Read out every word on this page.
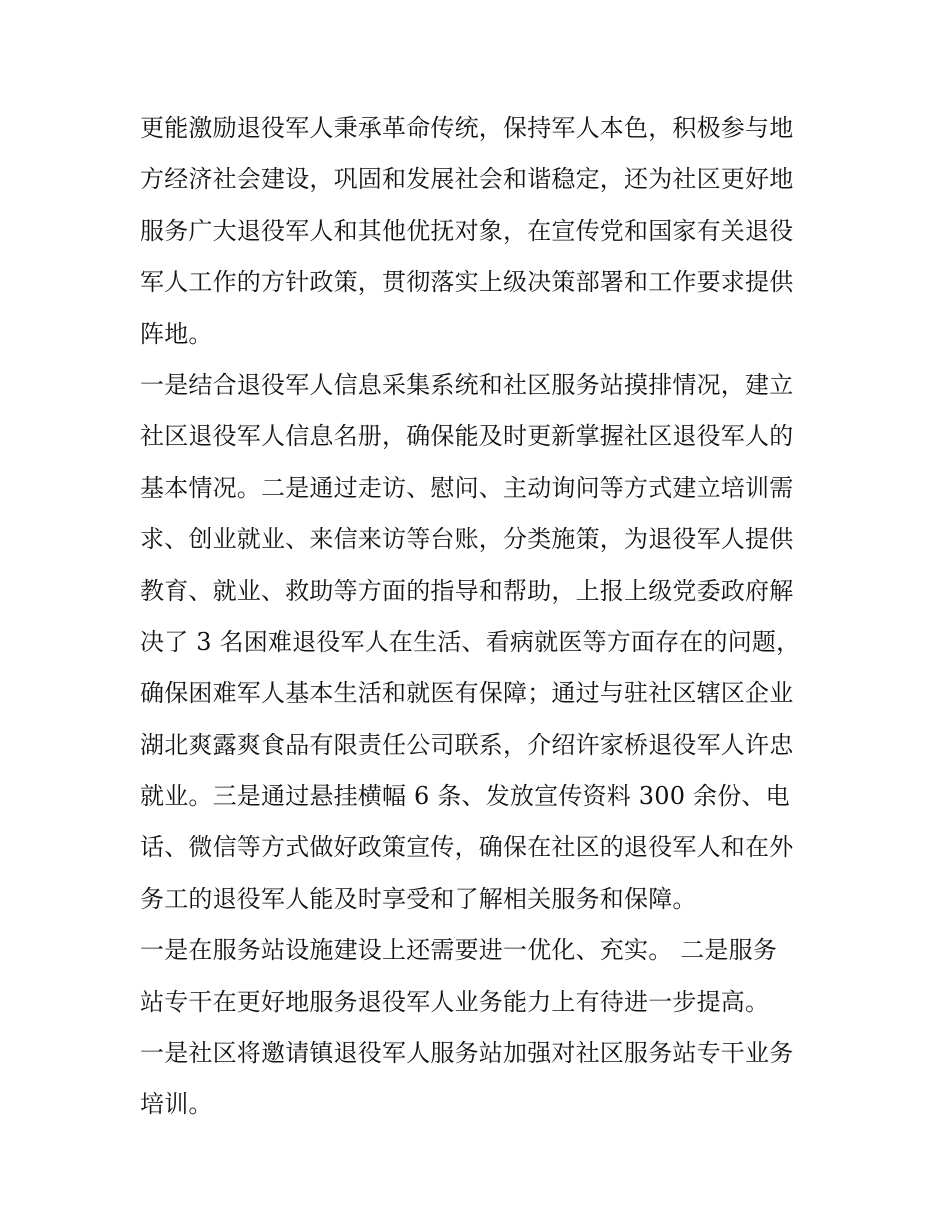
更能激励退役军人秉承革命传统，保持军人本色，积极参与地
方经济社会建设，巩固和发展社会和谐稳定，还为社区更好地
服务广大退役军人和其他优抚对象，在宣传党和国家有关退役
军人工作的方针政策，贯彻落实上级决策部署和工作要求提供
阵地。
一是结合退役军人信息采集系统和社区服务站摸排情况，建立
社区退役军人信息名册，确保能及时更新掌握社区退役军人的
基本情况。二是通过走访、慰问、主动询问等方式建立培训需
求、创业就业、来信来访等台账，分类施策，为退役军人提供
教育、就业、救助等方面的指导和帮助，上报上级党委政府解
决了 3 名困难退役军人在生活、看病就医等方面存在的问题，
确保困难军人基本生活和就医有保障；通过与驻社区辖区企业
湖北爽露爽食品有限责任公司联系，介绍许家桥退役军人许忠
就业。三是通过悬挂横幅 6 条、发放宣传资料 300 余份、电
话、微信等方式做好政策宣传，确保在社区的退役军人和在外
务工的退役军人能及时享受和了解相关服务和保障。
一是在服务站设施建设上还需要进一优化、充实。 二是服务
站专干在更好地服务退役军人业务能力上有待进一步提高。
一是社区将邀请镇退役军人服务站加强对社区服务站专干业务
培训。
